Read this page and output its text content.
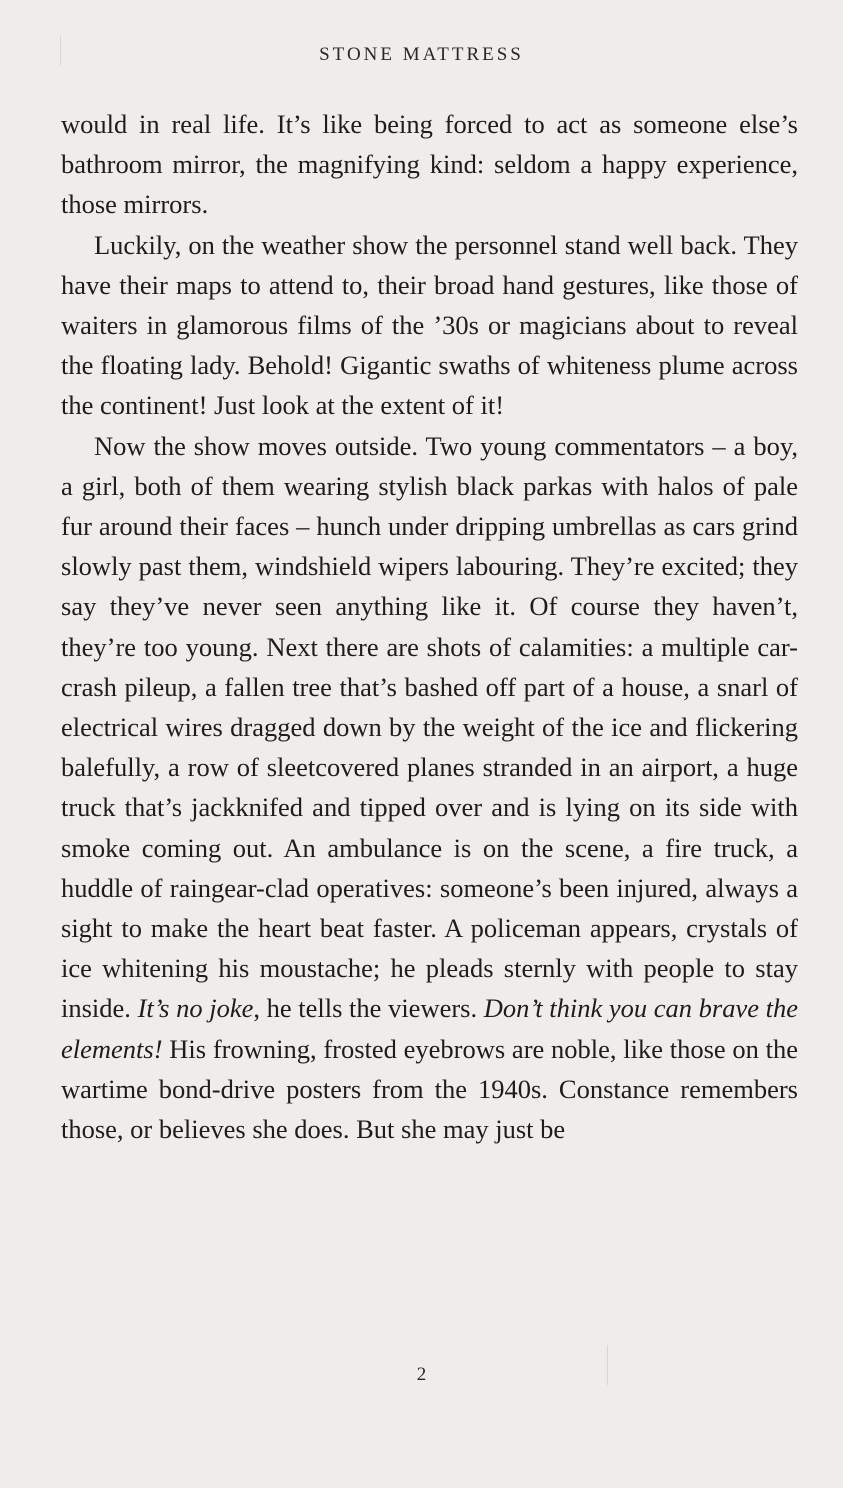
STONE MATTRESS

would in real life. It’s like being forced to act as someone else’s bathroom mirror, the magnifying kind: seldom a happy experience, those mirrors.

Luckily, on the weather show the personnel stand well back. They have their maps to attend to, their broad hand gestures, like those of waiters in glamorous films of the ’30s or magicians about to reveal the floating lady. Behold! Gigantic swaths of whiteness plume across the continent! Just look at the extent of it!

Now the show moves outside. Two young commentators – a boy, a girl, both of them wearing stylish black parkas with halos of pale fur around their faces – hunch under dripping umbrellas as cars grind slowly past them, windshield wipers labouring. They’re excited; they say they’ve never seen anything like it. Of course they haven’t, they’re too young. Next there are shots of calamities: a multiple car-crash pileup, a fallen tree that’s bashed off part of a house, a snarl of electrical wires dragged down by the weight of the ice and flickering balefully, a row of sleetcovered planes stranded in an airport, a huge truck that’s jackknifed and tipped over and is lying on its side with smoke coming out. An ambulance is on the scene, a fire truck, a huddle of raingear-clad operatives: someone’s been injured, always a sight to make the heart beat faster. A policeman appears, crystals of ice whitening his moustache; he pleads sternly with people to stay inside. It’s no joke, he tells the viewers. Don’t think you can brave the elements! His frowning, frosted eyebrows are noble, like those on the wartime bond-drive posters from the 1940s. Constance remembers those, or believes she does. But she may just be

2
